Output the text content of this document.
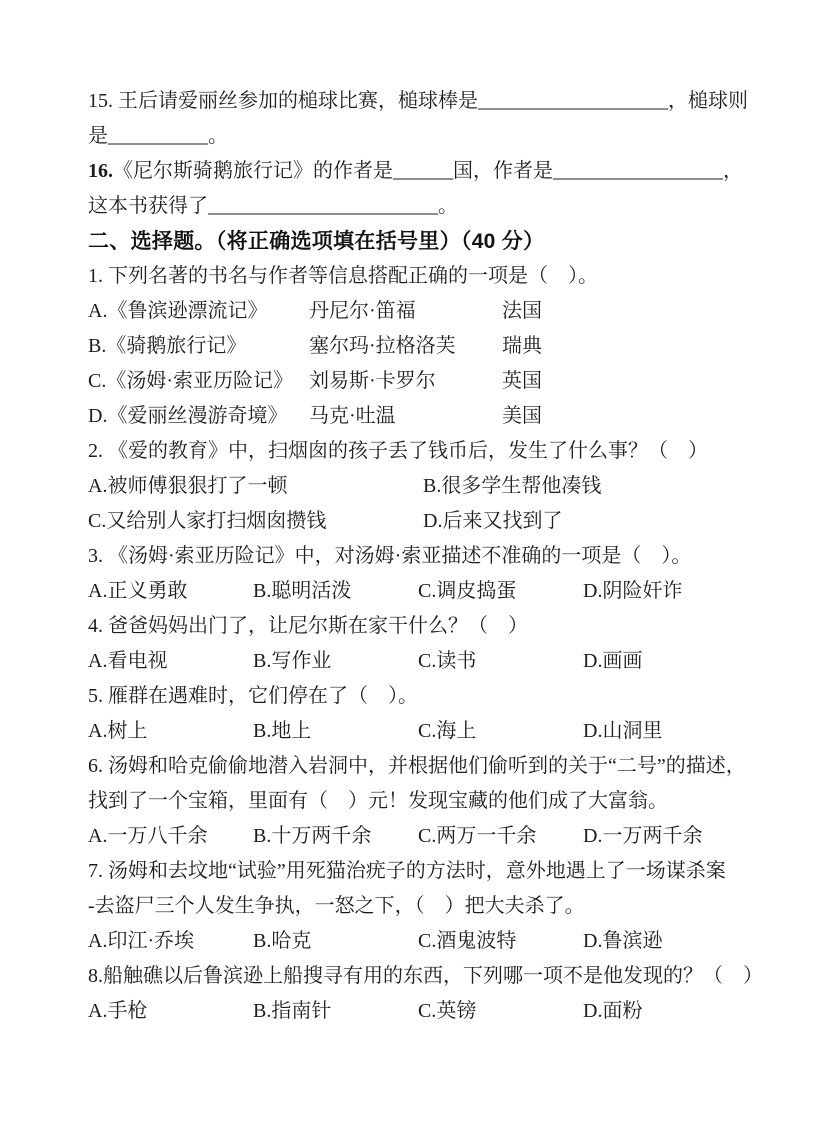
15. 王后请爱丽丝参加的槌球比赛，槌球棒是___________________，槌球则
是__________。
16.《尼尔斯骑鹅旅行记》的作者是______国，作者是_________________，
这本书获得了_______________________。
二、选择题。（将正确选项填在括号里）（40 分）
1. 下列名著的书名与作者等信息搭配正确的一项是（　）。
A.《鲁滨逊漂流记》	丹尼尔·笛福	法国
B.《骑鹅旅行记》	塞尔玛·拉格洛芙	瑞典
C.《汤姆·索亚历险记》 刘易斯·卡罗尔	英国
D.《爱丽丝漫游奇境》	马克·吐温	美国
2. 《爱的教育》中，扫烟囱的孩子丢了钱币后，发生了什么事？（　）
A.被师傅狠狠打了一顿	B.很多学生帮他凑钱
C.又给别人家打扫烟囱攒钱	D.后来又找到了
3. 《汤姆·索亚历险记》中，对汤姆·索亚描述不准确的一项是（　）。
A.正义勇敢	B.聪明活泼	C.调皮捣蛋	D.阴险奸诈
4. 爸爸妈妈出门了，让尼尔斯在家干什么？（　）
A.看电视	B.写作业	C.读书	D.画画
5. 雁群在遇难时，它们停在了（　）。
A.树上	B.地上	C.海上	D.山洞里
6. 汤姆和哈克偷偷地潜入岩洞中，并根据他们偷听到的关于“二号”的描述，
找到了一个宝箱，里面有（　）元！发现宝藏的他们成了大富翁。
A.一万八千余	B.十万两千余	C.两万一千余	D.一万两千余
7. 汤姆和去坟地“试验”用死猫治疣子的方法时，意外地遇上了一场谋杀案
-去盗尸三个人发生争执，一怒之下，（　）把大夫杀了。
A.印江·乔埃	B.哈克	C.酒鬼波特	D.鲁滨逊
8.船触礁以后鲁滨逊上船搜寻有用的东西，下列哪一项不是他发现的？（　）
A.手枪	B.指南针	C.英镑	D.面粉
